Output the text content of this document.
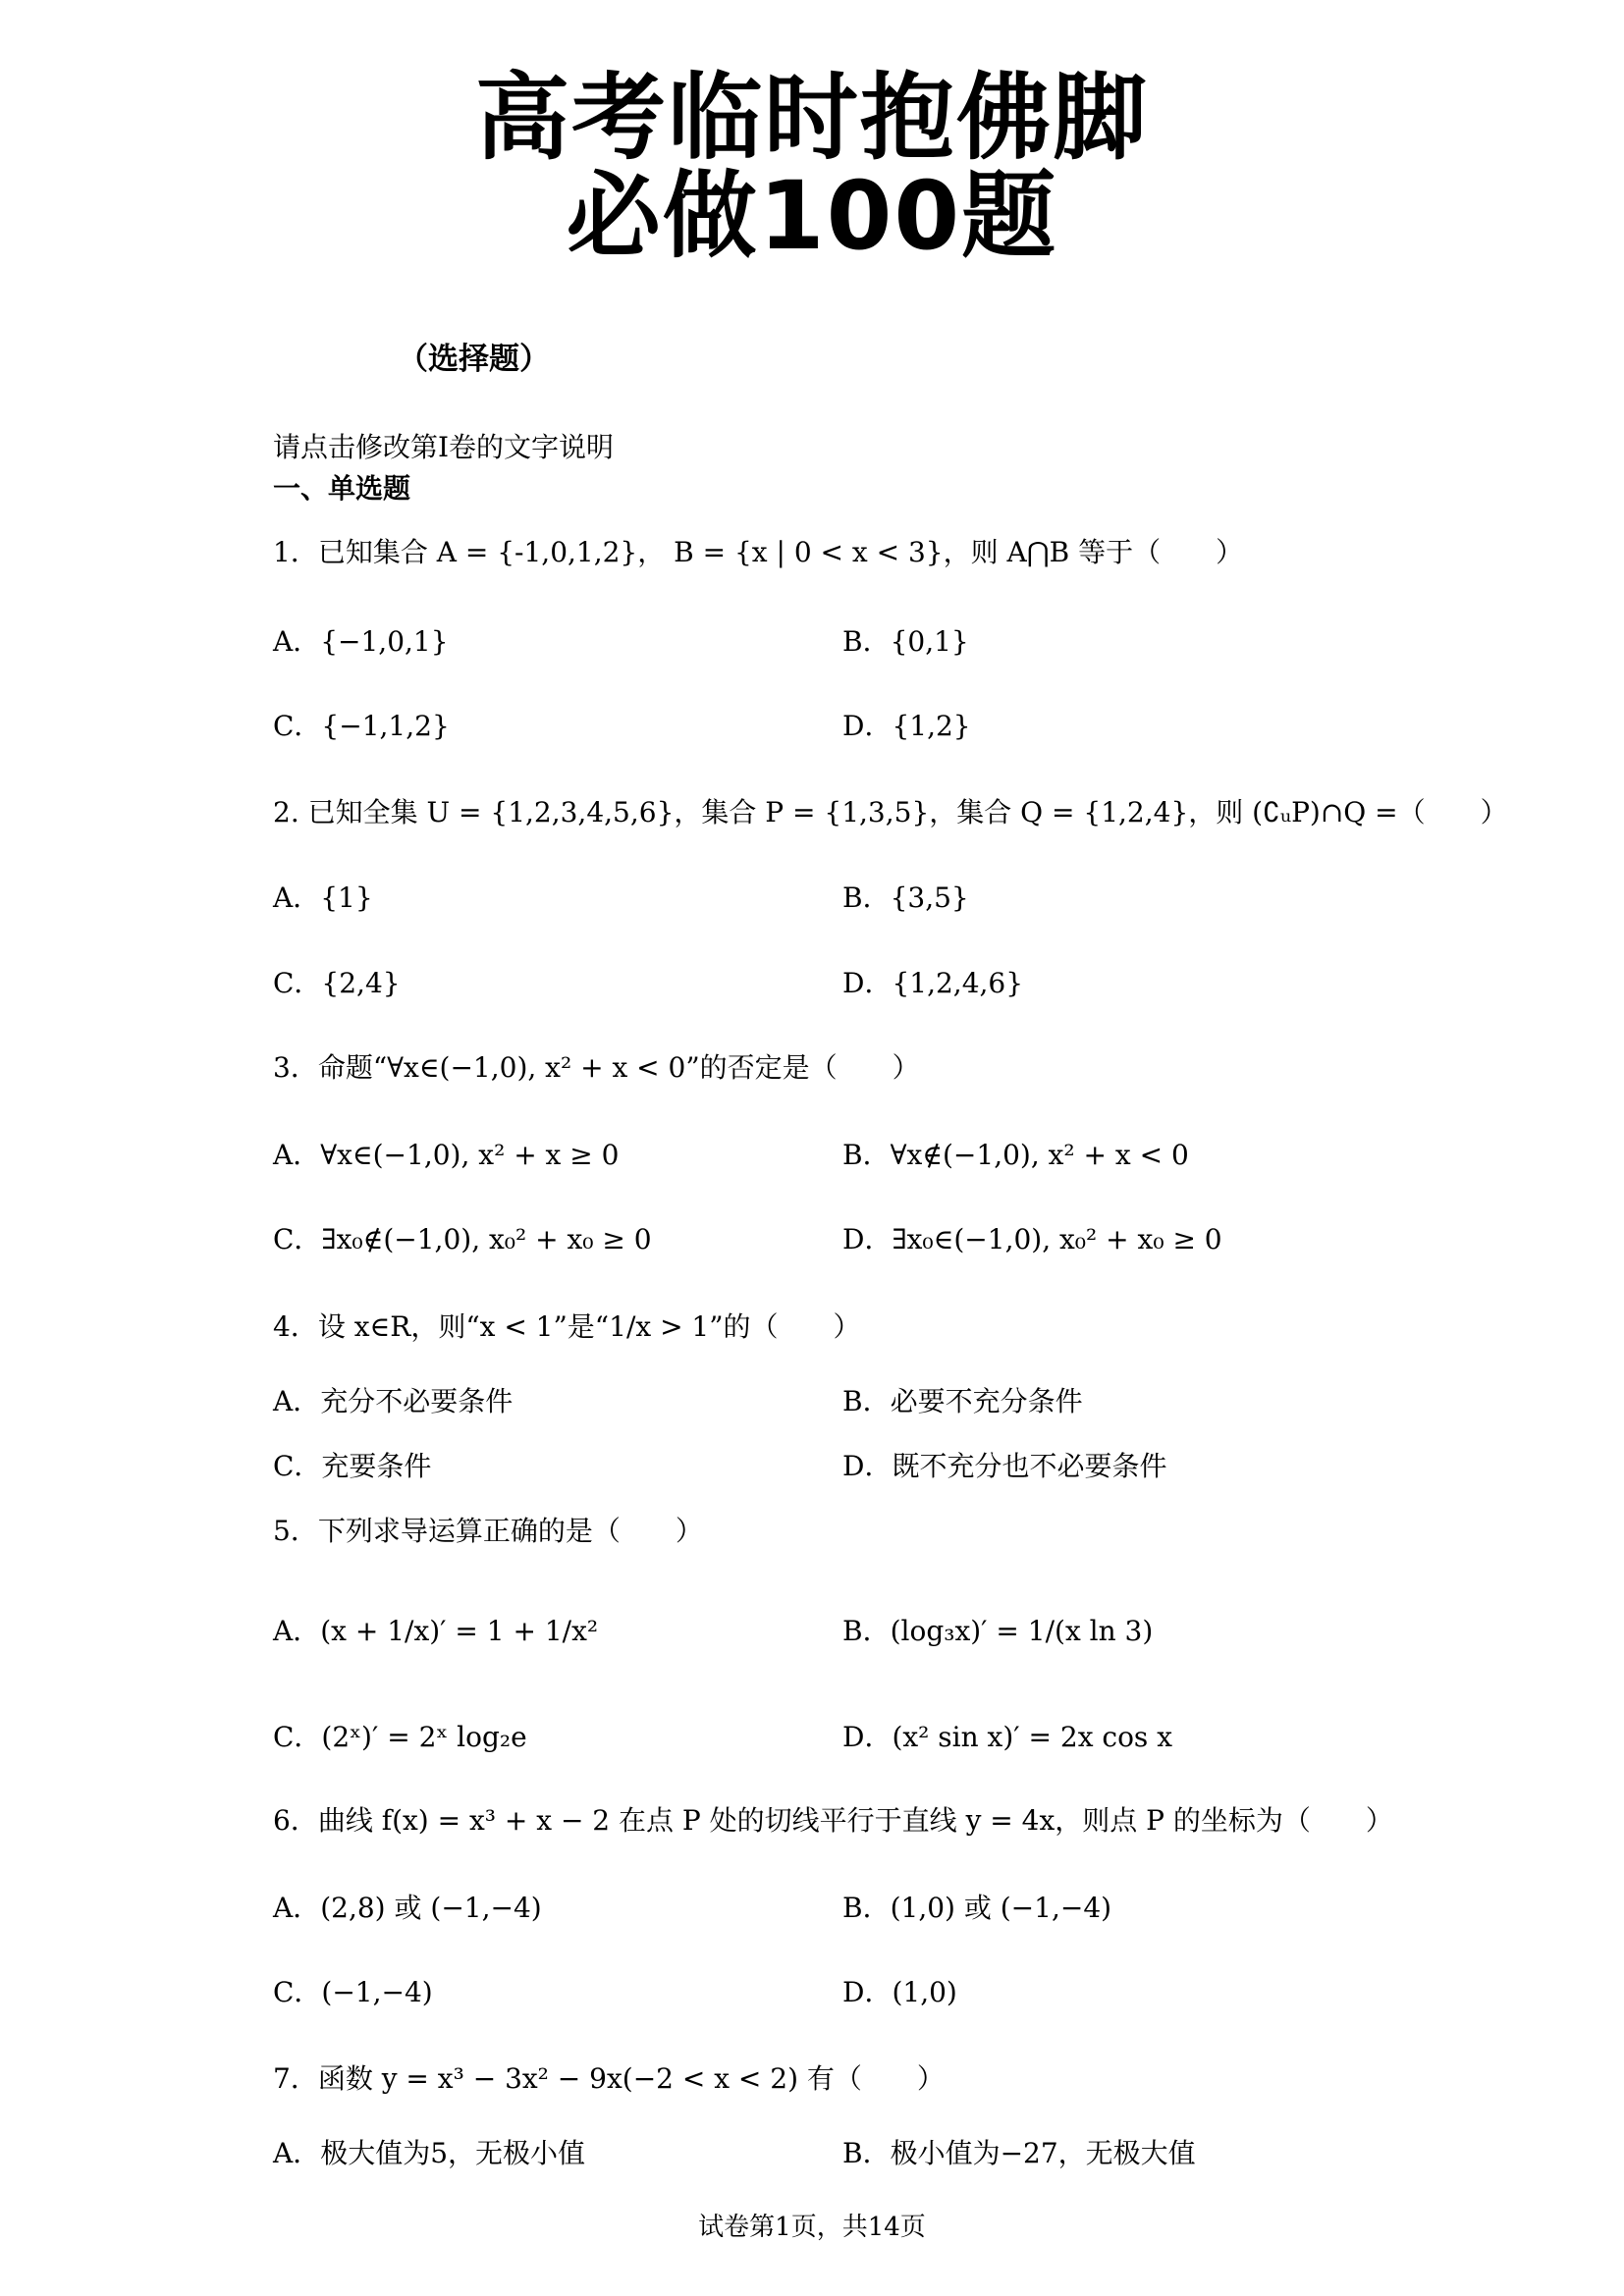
高考临时抱佛脚
必做100题
（选择题）
请点击修改第I卷的文字说明
一、单选题
1．已知集合 A = {-1,0,1,2}， B = {x | 0 < x < 3}，则 A⋂B 等于（　　）
A．{−1,0,1}	B．{0,1}
C．{−1,1,2}	D．{1,2}
2. 已知全集 U = {1,2,3,4,5,6}，集合 P = {1,3,5}，集合 Q = {1,2,4}，则 (∁ᵤP)∩Q =（　　）
A．{1}	B．{3,5}
C．{2,4}	D．{1,2,4,6}
3．命题“∀x∈(−1,0), x² + x < 0”的否定是（　　）
A．∀x∈(−1,0), x² + x ≥ 0	B．∀x∉(−1,0), x² + x < 0
C．∃x₀∉(−1,0), x₀² + x₀ ≥ 0	D．∃x₀∈(−1,0), x₀² + x₀ ≥ 0
4．设 x∈R，则“x < 1”是“1/x > 1”的（　　）
A．充分不必要条件	B．必要不充分条件
C．充要条件	D．既不充分也不必要条件
5．下列求导运算正确的是（　　）
A．(x + 1/x)′ = 1 + 1/x²	B．(log₃x)′ = 1/(x ln 3)
C．(2ˣ)′ = 2ˣ log₂e	D．(x² sin x)′ = 2x cos x
6．曲线 f(x) = x³ + x − 2 在点 P 处的切线平行于直线 y = 4x，则点 P 的坐标为（　　）
A．(2,8) 或 (−1,−4)	B．(1,0) 或 (−1,−4)
C．(−1,−4)	D．(1,0)
7．函数 y = x³ − 3x² − 9x(−2 < x < 2) 有（　　）
A．极大值为5，无极小值	B．极小值为−27，无极大值
试卷第1页，共14页
